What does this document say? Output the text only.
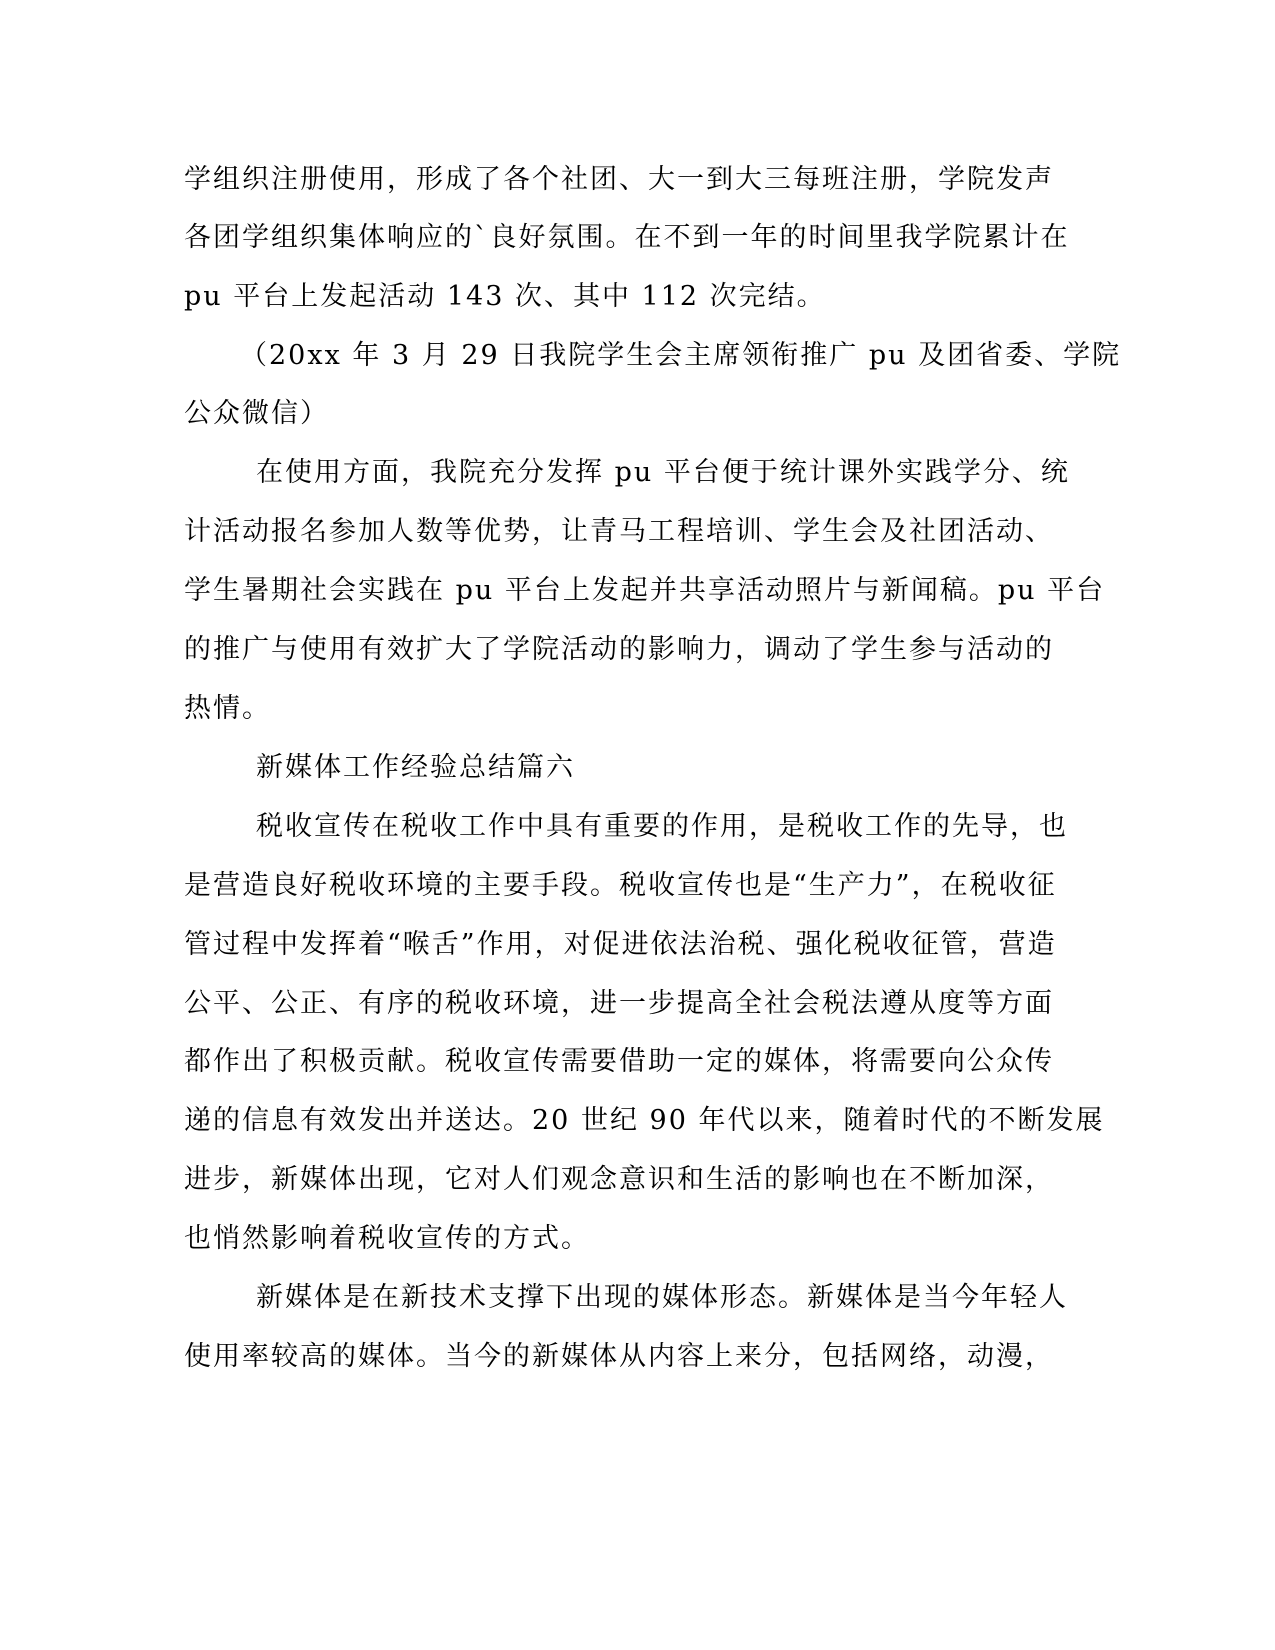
学组织注册使用，形成了各个社团、大一到大三每班注册，学院发声
各团学组织集体响应的`良好氛围。在不到一年的时间里我学院累计在
pu 平台上发起活动 143 次、其中 112 次完结。
（20xx 年 3 月 29 日我院学生会主席领衔推广 pu 及团省委、学院
公众微信）
在使用方面，我院充分发挥 pu 平台便于统计课外实践学分、统
计活动报名参加人数等优势，让青马工程培训、学生会及社团活动、
学生暑期社会实践在 pu 平台上发起并共享活动照片与新闻稿。pu 平台
的推广与使用有效扩大了学院活动的影响力，调动了学生参与活动的
热情。
新媒体工作经验总结篇六
税收宣传在税收工作中具有重要的作用，是税收工作的先导，也
是营造良好税收环境的主要手段。税收宣传也是“生产力”，在税收征
管过程中发挥着“喉舌”作用，对促进依法治税、强化税收征管，营造
公平、公正、有序的税收环境，进一步提高全社会税法遵从度等方面
都作出了积极贡献。税收宣传需要借助一定的媒体，将需要向公众传
递的信息有效发出并送达。20 世纪 90 年代以来，随着时代的不断发展
进步，新媒体出现，它对人们观念意识和生活的影响也在不断加深，
也悄然影响着税收宣传的方式。
新媒体是在新技术支撑下出现的媒体形态。新媒体是当今年轻人
使用率较高的媒体。当今的新媒体从内容上来分，包括网络，动漫，
